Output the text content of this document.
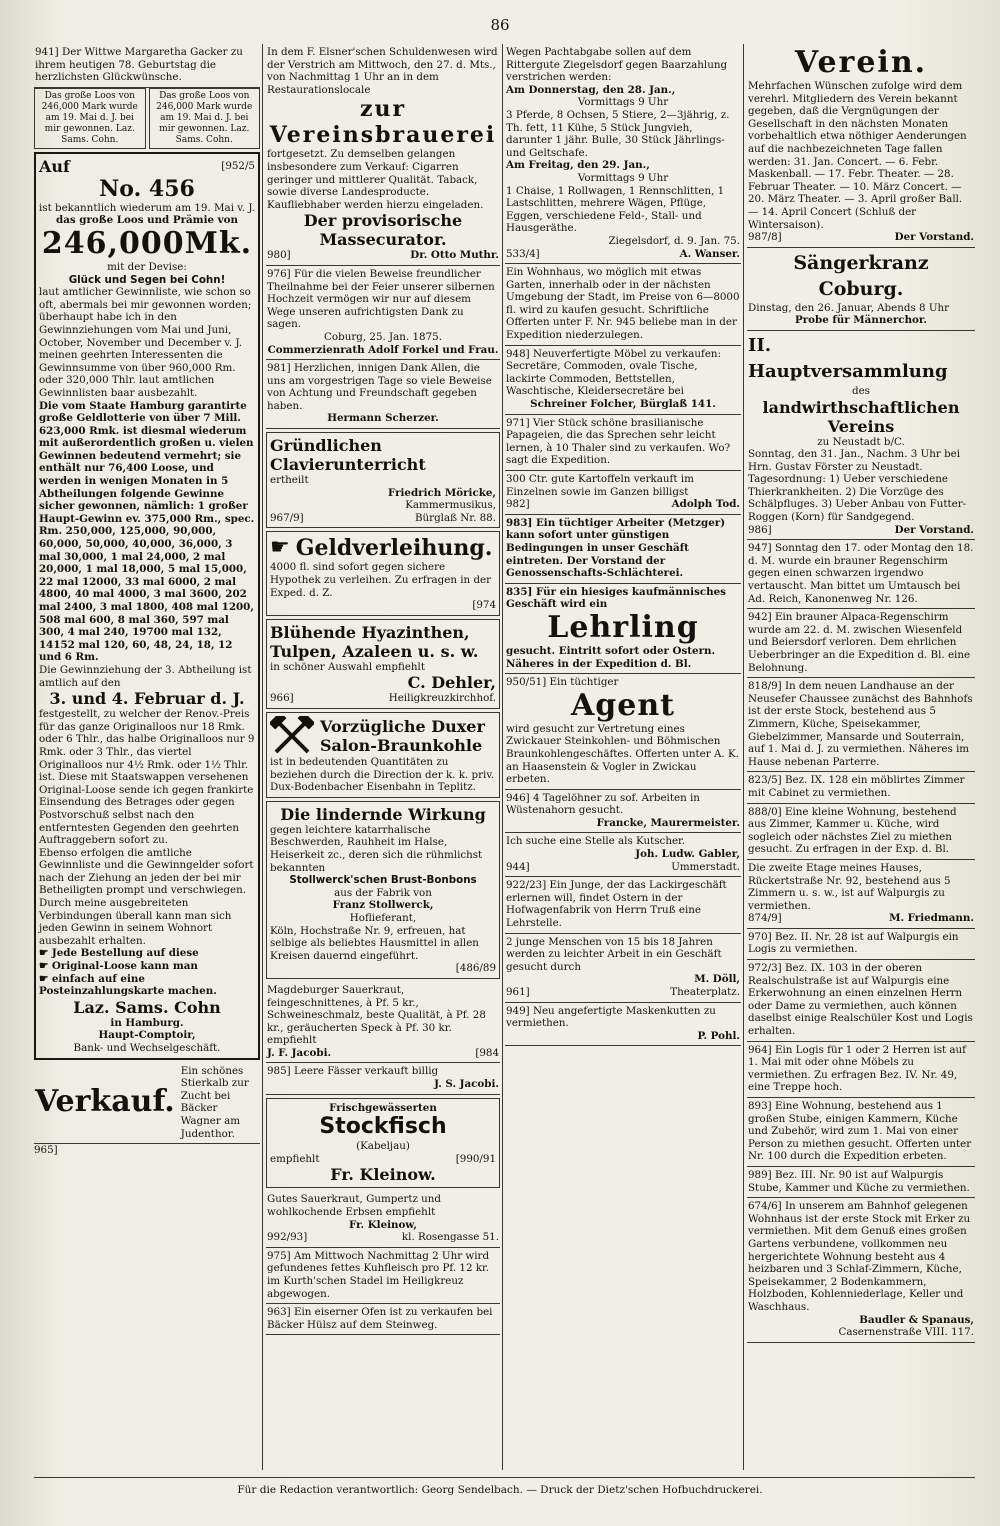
86

941] Der Wittwe Margaretha Gacker zu ihrem heutigen 78. Geburtstag die herzlichsten Glückwünsche.

Das große Loos von 246,000 Mark wurde am 19. Mai d. J. bei mir gewonnen. Laz. Sams. Cohn.
Das große Loos von 246,000 Mark wurde am 19. Mai d. J. bei mir gewonnen. Laz. Sams. Cohn.

Auf	[952/5

No. 456

ist bekanntlich wiederum am 19. Mai v. J.

das große Loos und Prämie von

246,000Mk.

mit der Devise:

Glück und Segen bei Cohn!

laut amtlicher Gewinnliste, wie schon so oft, abermals bei mir gewonnen worden; überhaupt habe ich in den Gewinnziehungen vom Mai und Juni, October, November und December v. J. meinen geehrten Interessenten die Gewinnsumme von über 960,000 Rm. oder 320,000 Thlr. laut amtlichen Gewinnlisten baar ausbezahlt.

Die vom Staate Hamburg garantirte große Geldlotterie von über 7 Mill. 623,000 Rmk. ist diesmal wiederum mit außerordentlich großen u. vielen Gewinnen bedeutend vermehrt; sie enthält nur 76,400 Loose, und werden in wenigen Monaten in 5 Abtheilungen folgende Gewinne sicher gewonnen, nämlich: 1 großer Haupt-Gewinn ev. 375,000 Rm., spec. Rm. 250,000, 125,000, 90,000, 60,000, 50,000, 40,000, 36,000, 3 mal 30,000, 1 mal 24,000, 2 mal 20,000, 1 mal 18,000, 5 mal 15,000, 22 mal 12000, 33 mal 6000, 2 mal 4800, 40 mal 4000, 3 mal 3600, 202 mal 2400, 3 mal 1800, 408 mal 1200, 508 mal 600, 8 mal 360, 597 mal 300, 4 mal 240, 19700 mal 132, 14152 mal 120, 60, 48, 24, 18, 12 und 6 Rm.

Die Gewinnziehung der 3. Abtheilung ist amtlich auf den

3. und 4. Februar d. J.

festgestellt, zu welcher der Renov.-Preis für das ganze Originalloos nur 18 Rmk. oder 6 Thlr., das halbe Originalloos nur 9 Rmk. oder 3 Thlr., das viertel Originalloos nur 4½ Rmk. oder 1½ Thlr. ist. Diese mit Staatswappen versehenen Original-Loose sende ich gegen frankirte Einsendung des Betrages oder gegen Postvorschuß selbst nach den entferntesten Gegenden den geehrten Auftraggebern sofort zu.

Ebenso erfolgen die amtliche Gewinnliste und die Gewinngelder sofort nach der Ziehung an jeden der bei mir Betheiligten prompt und verschwiegen. Durch meine ausgebreiteten Verbindungen überall kann man sich jeden Gewinn in seinem Wohnort ausbezahlt erhalten.

☛ Jede Bestellung auf diese

☛ Original-Loose kann man

☛ einfach auf eine Posteinzahlungskarte machen.

Laz. Sams. Cohn

in Hamburg.

Haupt-Comptoir,

Bank- und Wechselgeschäft.

Verkauf.
Ein schönes Stierkalb zur Zucht bei Bäcker Wagner am Judenthor.

965]

In dem F. Elsner'schen Schuldenwesen wird der Verstrich am Mittwoch, den 27. d. Mts., von Nachmittag 1 Uhr an in dem Restaurationslocale

zur Vereinsbrauerei

fortgesetzt. Zu demselben gelangen insbesondere zum Verkauf: Cigarren geringer und mittlerer Qualität. Taback, sowie diverse Landesproducte. Kaufliebhaber werden hierzu eingeladen.

Der provisorische Massecurator.

980]	Dr. Otto Muthr.

976] Für die vielen Beweise freundlicher Theilnahme bei der Feier unserer silbernen Hochzeit vermögen wir nur auf diesem Wege unseren aufrichtigsten Dank zu sagen.

Coburg, 25. Jan. 1875.

Commerzienrath Adolf Forkel und Frau.

981] Herzlichen, innigen Dank Allen, die uns am vorgestrigen Tage so viele Beweise von Achtung und Freundschaft gegeben haben.

Hermann Scherzer.

Gründlichen Clavierunterricht

ertheilt

Friedrich Möricke,

Kammermusikus,

967/9]	Bürglaß Nr. 88.

☛ Geldverleihung.

4000 fl. sind sofort gegen sichere Hypothek zu verleihen. Zu erfragen in der Exped. d. Z.

[974

Blühende Hyazinthen,

Tulpen, Azaleen u. s. w.

in schöner Auswahl empfiehlt

C. Dehler,

966]	Heiligkreuzkirchhof.

Vorzügliche Duxer

Salon-Braunkohle

ist in bedeutenden Quantitäten zu beziehen durch die Direction der k. k. priv. Dux-Bodenbacher Eisenbahn in Teplitz.

Die lindernde Wirkung

gegen leichtere katarrhalische Beschwerden, Rauhheit im Halse, Heiserkeit zc., deren sich die rühmlichst bekannten

Stollwerck'schen Brust-Bonbons

aus der Fabrik von

Franz Stollwerck,

Hoflieferant,

Köln, Hochstraße Nr. 9, erfreuen, hat selbige als beliebtes Hausmittel in allen Kreisen dauernd eingeführt.

[486/89

Magdeburger Sauerkraut, feingeschnittenes, à Pf. 5 kr., Schweineschmalz, beste Qualität, à Pf. 28 kr., geräucherten Speck à Pf. 30 kr. empfiehlt

J. F. Jacobi.	[984

985] Leere Fässer verkauft billig

J. S. Jacobi.

Frischgewässerten

Stockfisch

(Kabeljau)

empfiehlt	[990/91

Fr. Kleinow.

Gutes Sauerkraut, Gumpertz und wohlkochende Erbsen empfiehlt

Fr. Kleinow,

992/93]	kl. Rosengasse 51.

975] Am Mittwoch Nachmittag 2 Uhr wird gefundenes fettes Kuhfleisch pro Pf. 12 kr. im Kurth'schen Stadel im Heiligkreuz abgewogen.

963] Ein eiserner Ofen ist zu verkaufen bei Bäcker Hülsz auf dem Steinweg.

Wegen Pachtabgabe sollen auf dem Rittergute Ziegelsdorf gegen Baarzahlung verstrichen werden:

Am Donnerstag, den 28. Jan.,

Vormittags 9 Uhr

3 Pferde, 8 Ochsen, 5 Stiere, 2—3jährig, z. Th. fett, 11 Kühe, 5 Stück Jungvieh, darunter 1 jähr. Bulle, 30 Stück Jährlings- und Geltschafe.

Am Freitag, den 29. Jan.,

Vormittags 9 Uhr

1 Chaise, 1 Rollwagen, 1 Rennschlitten, 1 Lastschlitten, mehrere Wägen, Pflüge, Eggen, verschiedene Feld-, Stall- und Hausgeräthe.

Ziegelsdorf, d. 9. Jan. 75.

533/4]	A. Wanser.

Ein Wohnhaus, wo möglich mit etwas Garten, innerhalb oder in der nächsten Umgebung der Stadt, im Preise von 6—8000 fl. wird zu kaufen gesucht. Schriftliche Offerten unter F. Nr. 945 beliebe man in der Expedition niederzulegen.

948] Neuverfertigte Möbel zu verkaufen: Secretäre, Commoden, ovale Tische, lackirte Commoden, Bettstellen, Waschtische, Kleidersecretäre bei

Schreiner Folcher, Bürglaß 141.

971] Vier Stück schöne brasilianische Papageien, die das Sprechen sehr leicht lernen, à 10 Thaler sind zu verkaufen. Wo? sagt die Expedition.

300 Ctr. gute Kartoffeln verkauft im Einzelnen sowie im Ganzen billigst

982]	Adolph Tod.

983] Ein tüchtiger Arbeiter (Metzger) kann sofort unter günstigen Bedingungen in unser Geschäft eintreten. Der Vorstand der Genossenschafts-Schlächterei.

835] Für ein hiesiges kaufmännisches Geschäft wird ein

Lehrling

gesucht. Eintritt sofort oder Ostern. Näheres in der Expedition d. Bl.

950/51] Ein tüchtiger

Agent

wird gesucht zur Vertretung eines Zwickauer Steinkohlen- und Böhmischen Braunkohlengeschäftes. Offerten unter A. K. an Haasenstein & Vogler in Zwickau erbeten.

946] 4 Tagelöhner zu sof. Arbeiten in Wüstenahorn gesucht.

Francke, Maurermeister.

Ich suche eine Stelle als Kutscher.

Joh. Ludw. Gabler,

944]	Ummerstadt.

922/23] Ein Junge, der das Lackirgeschäft erlernen will, findet Ostern in der Hofwagenfabrik von Herrn Truß eine Lehrstelle.

2 junge Menschen von 15 bis 18 Jahren werden zu leichter Arbeit in ein Geschäft gesucht durch

M. Döll,

961]	Theaterplatz.

949] Neu angefertigte Maskenkutten zu vermiethen.

P. Pohl.

Verein.

Mehrfachen Wünschen zufolge wird dem verehrl. Mitgliedern des Verein bekannt gegeben, daß die Vergnügungen der Gesellschaft in den nächsten Monaten vorbehaltlich etwa nöthiger Aenderungen auf die nachbezeichneten Tage fallen werden: 31. Jan. Concert. — 6. Febr. Maskenball. — 17. Febr. Theater. — 28. Februar Theater. — 10. März Concert. — 20. März Theater. — 3. April großer Ball. — 14. April Concert (Schluß der Wintersaison).

987/8]	Der Vorstand.

Sängerkranz Coburg.

Dinstag, den 26. Januar, Abends 8 Uhr

Probe für Männerchor.

II. Hauptversammlung

des

landwirthschaftlichen Vereins

zu Neustadt b/C.

Sonntag, den 31. Jan., Nachm. 3 Uhr bei Hrn. Gustav Förster zu Neustadt. Tagesordnung: 1) Ueber verschiedene Thierkrankheiten. 2) Die Vorzüge des Schälpfluges. 3) Ueber Anbau von Futter-Roggen (Korn) für Sandgegend.

986]	Der Vorstand.

947] Sonntag den 17. oder Montag den 18. d. M. wurde ein brauner Regenschirm gegen einen schwarzen irgendwo vertauscht. Man bittet um Umtausch bei Ad. Reich, Kanonenweg Nr. 126.

942] Ein brauner Alpaca-Regenschirm wurde am 22. d. M. zwischen Wiesenfeld und Beiersdorf verloren. Dem ehrlichen Ueberbringer an die Expedition d. Bl. eine Belohnung.

818/9] In dem neuen Landhause an der Neusefer Chaussee zunächst des Bahnhofs ist der erste Stock, bestehend aus 5 Zimmern, Küche, Speisekammer, Giebelzimmer, Mansarde und Souterrain, auf 1. Mai d. J. zu vermiethen. Näheres im Hause nebenan Parterre.

823/5] Bez. IX. 128 ein möblirtes Zimmer mit Cabinet zu vermiethen.

888/0] Eine kleine Wohnung, bestehend aus Zimmer, Kammer u. Küche, wird sogleich oder nächstes Ziel zu miethen gesucht. Zu erfragen in der Exp. d. Bl.

Die zweite Etage meines Hauses, Rückertstraße Nr. 92, bestehend aus 5 Zimmern u. s. w., ist auf Walpurgis zu vermiethen.

874/9]	M. Friedmann.

970] Bez. II. Nr. 28 ist auf Walpurgis ein Logis zu vermiethen.

972/3] Bez. IX. 103 in der oberen Realschulstraße ist auf Walpurgis eine Erkerwohnung an einen einzelnen Herrn oder Dame zu vermiethen, auch können daselbst einige Realschüler Kost und Logis erhalten.

964] Ein Logis für 1 oder 2 Herren ist auf 1. Mai mit oder ohne Möbels zu vermiethen. Zu erfragen Bez. IV. Nr. 49, eine Treppe hoch.

893] Eine Wohnung, bestehend aus 1 großen Stube, einigen Kammern, Küche und Zubehör, wird zum 1. Mai von einer Person zu miethen gesucht. Offerten unter Nr. 100 durch die Expedition erbeten.

989] Bez. III. Nr. 90 ist auf Walpurgis Stube, Kammer und Küche zu vermiethen.

674/6] In unserem am Bahnhof gelegenen Wohnhaus ist der erste Stock mit Erker zu vermiethen. Mit dem Genuß eines großen Gartens verbundene, vollkommen neu hergerichtete Wohnung besteht aus 4 heizbaren und 3 Schlaf-Zimmern, Küche, Speisekammer, 2 Bodenkammern, Holzboden, Kohlenniederlage, Keller und Waschhaus.

Baudler & Spanaus,

Casernenstraße VIII. 117.

Für die Redaction verantwortlich: Georg Sendelbach. — Druck der Dietz'schen Hofbuchdruckerei.
